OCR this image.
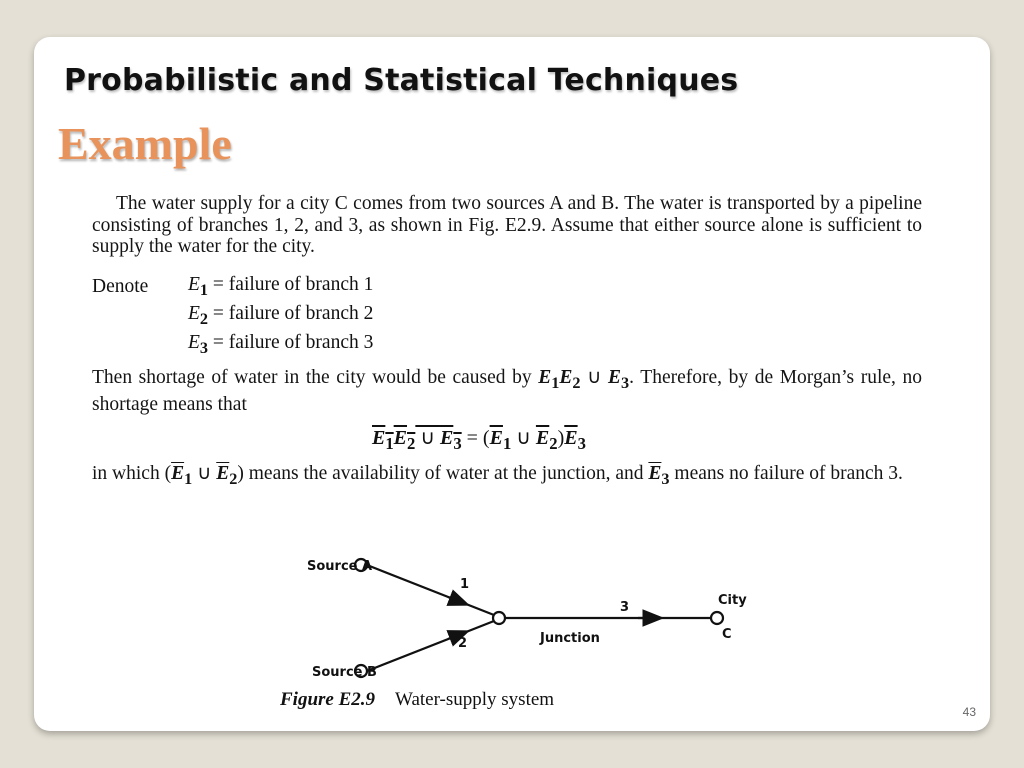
Probabilistic and Statistical Techniques
Example

The water supply for a city C comes from two sources A and B. The water is transported by a pipeline consisting of branches 1, 2, and 3, as shown in Fig. E2.9. Assume that either source alone is sufficient to supply the water for the city.

Denote	$E_1$ = failure of branch 1
$E_2$ = failure of branch 2
$E_3$ = failure of branch 3

Then shortage of water in the city would be caused by $E_1E_2$ ∪ $E_3$. Therefore, by de Morgan’s rule, no shortage means that

$E_1E_2$ ∪ $E_3 = (\overline{E}_1$ ∪ $\overline{E}_2)\overline{E}_3$

in which ($\overline{E}_1$ ∪ $\overline{E}_2$) means the availability of water at the junction, and $\overline{E}_3$ means no failure of branch 3.

Source A
Source B
Junction
City
C
1
2
3
Figure E2.9 Water-supply system
43
